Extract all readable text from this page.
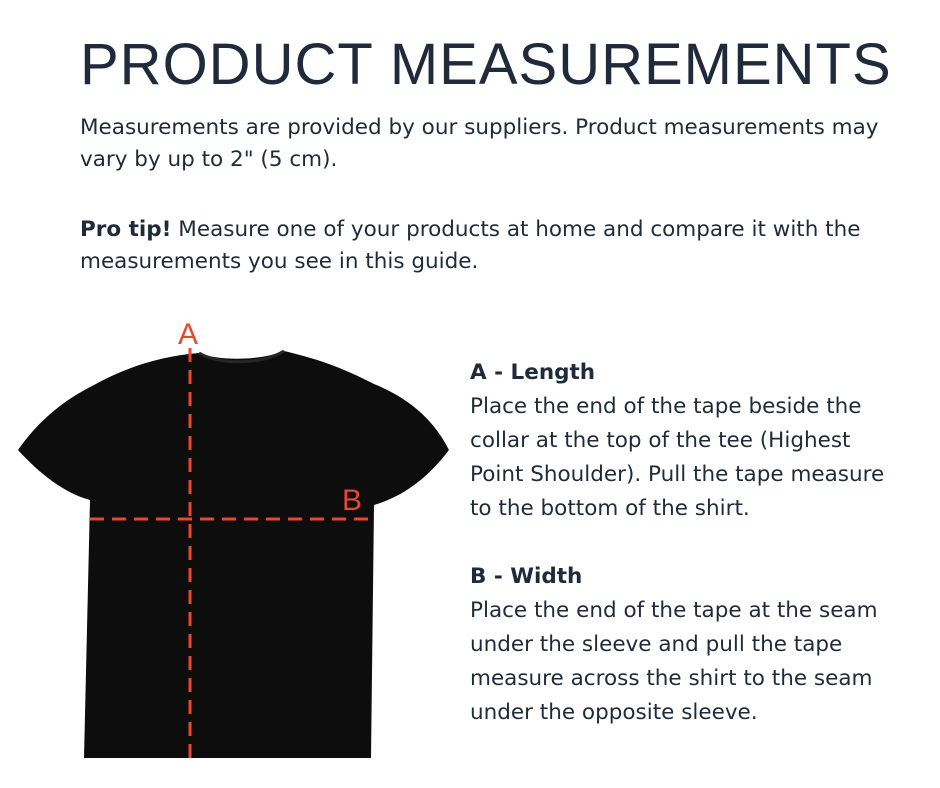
PRODUCT MEASUREMENTS

Measurements are provided by our suppliers. Product measurements may vary by up to 2" (5 cm).

Pro tip! Measure one of your products at home and compare it with the measurements you see in this guide.

A
B
A - Length

Place the end of the tape beside the collar at the top of the tee (Highest Point Shoulder). Pull the tape measure to the bottom of the shirt.

B - Width

Place the end of the tape at the seam under the sleeve and pull the tape measure across the shirt to the seam under the opposite sleeve.
